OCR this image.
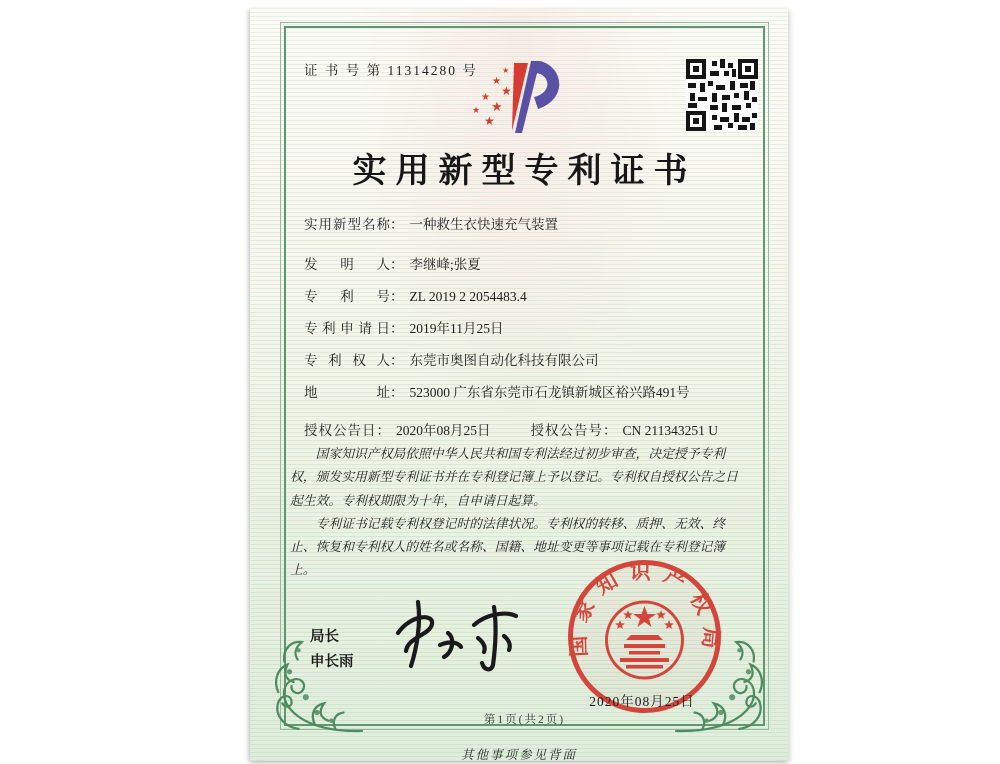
证 书 号 第 11314280 号	★
★
★
★
★
★
★
实用新型专利证书
实用新型名称： 一种救生衣快速充气装置
发明人： 李继峰;张夏
专利号： ZL 2019 2 2054483.4
专利申请日： 2019年11月25日
专利权人： 东莞市奥图自动化科技有限公司
地址： 523000 广东省东莞市石龙镇新城区裕兴路491号
授权公告日： 2020年08月25日	授权公告号： CN 211343251 U

国家知识产权局依照中华人民共和国专利法经过初步审查，决定授予专利权，颁发实用新型专利证书并在专利登记簿上予以登记。专利权自授权公告之日起生效。专利权期限为十年，自申请日起算。

专利证书记载专利权登记时的法律状况。专利权的转移、质押、无效、终止、恢复和专利权人的姓名或名称、国籍、地址变更等事项记载在专利登记簿上。

局长
申长雨
国家知识产权局
2020年08月25日
第1页(共2页)
其他事项参见背面
